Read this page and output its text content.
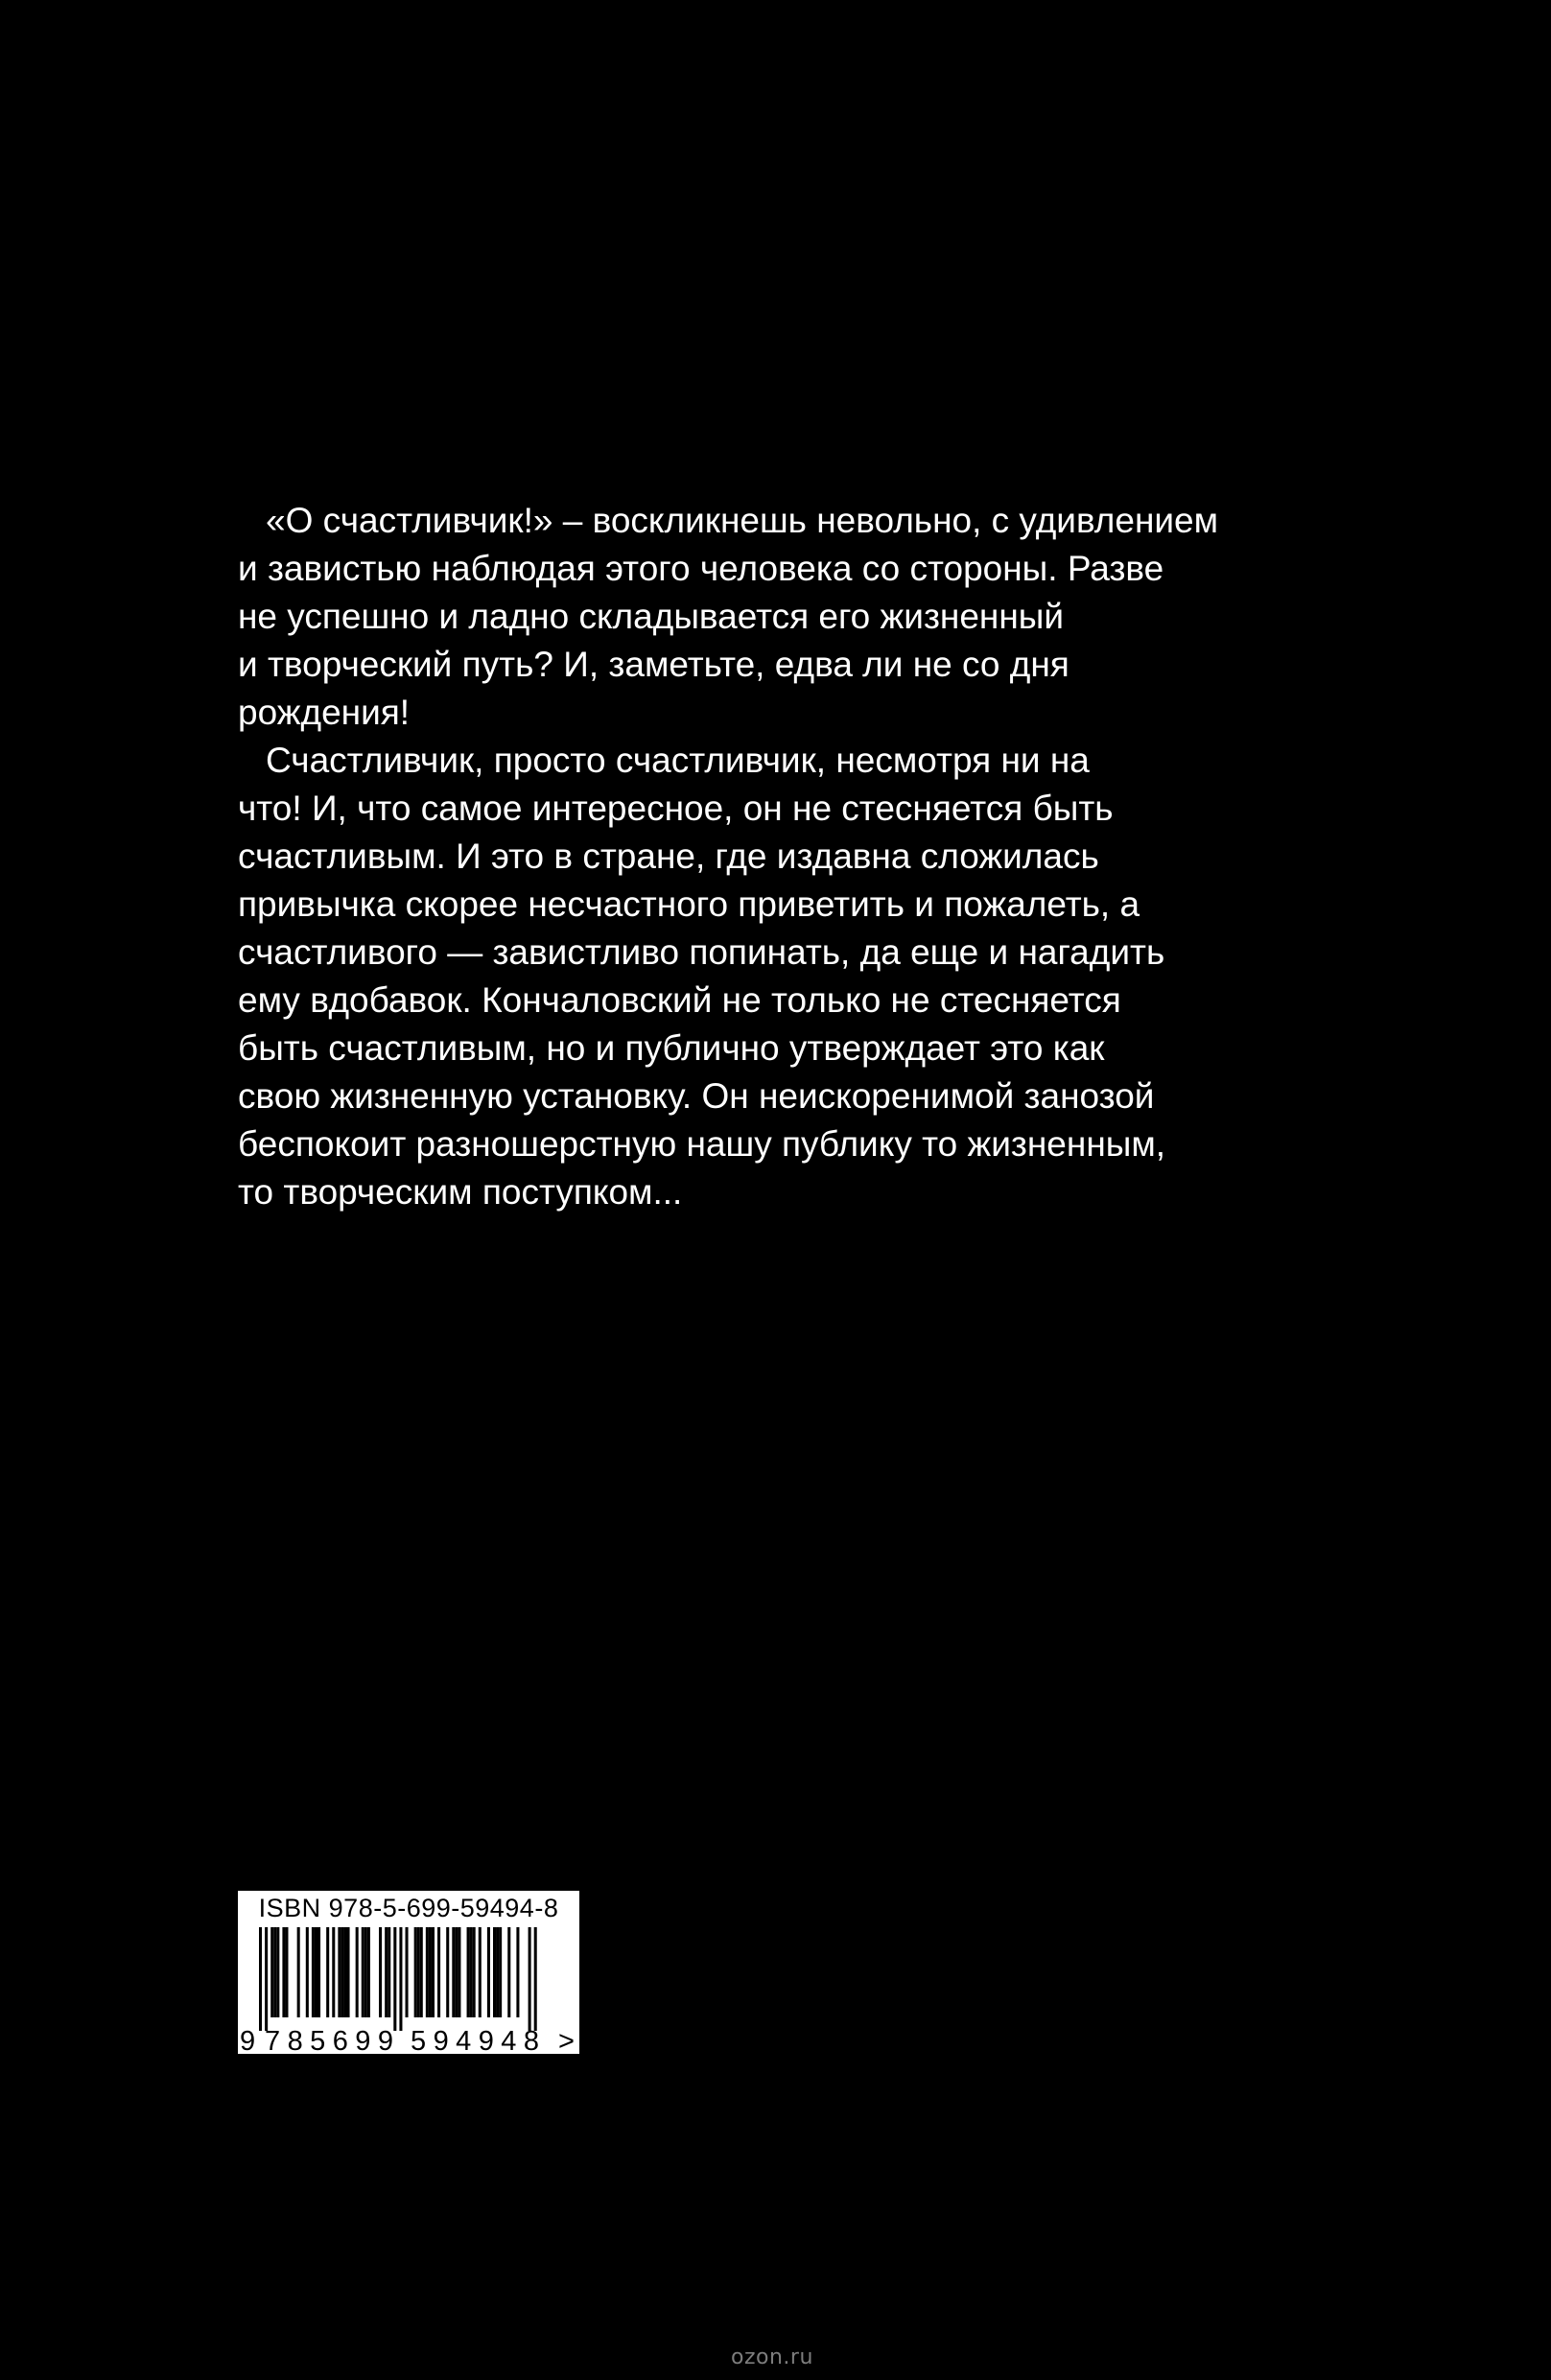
«О счастливчик!» – воскликнешь невольно, с удивлением
и завистью наблюдая этого человека со стороны. Разве
не успешно и ладно складывается его жизненный
и творческий путь? И, заметьте, едва ли не со дня
рождения!
Счастливчик, просто счастливчик, несмотря ни на
что! И, что самое интересное, он не стесняется быть
счастливым. И это в стране, где издавна сложилась
привычка скорее несчастного приветить и пожалеть, а
счастливого — завистливо попинать, да еще и нагадить
ему вдобавок. Кончаловский не только не стесняется
быть счастливым, но и публично утверждает это как
свою жизненную установку. Он неискоренимой занозой
беспокоит разношерстную нашу публику то жизненным,
то творческим поступком...
ISBN 978-5-699-59494-8
9 785699 594948 >
ozon.ru
